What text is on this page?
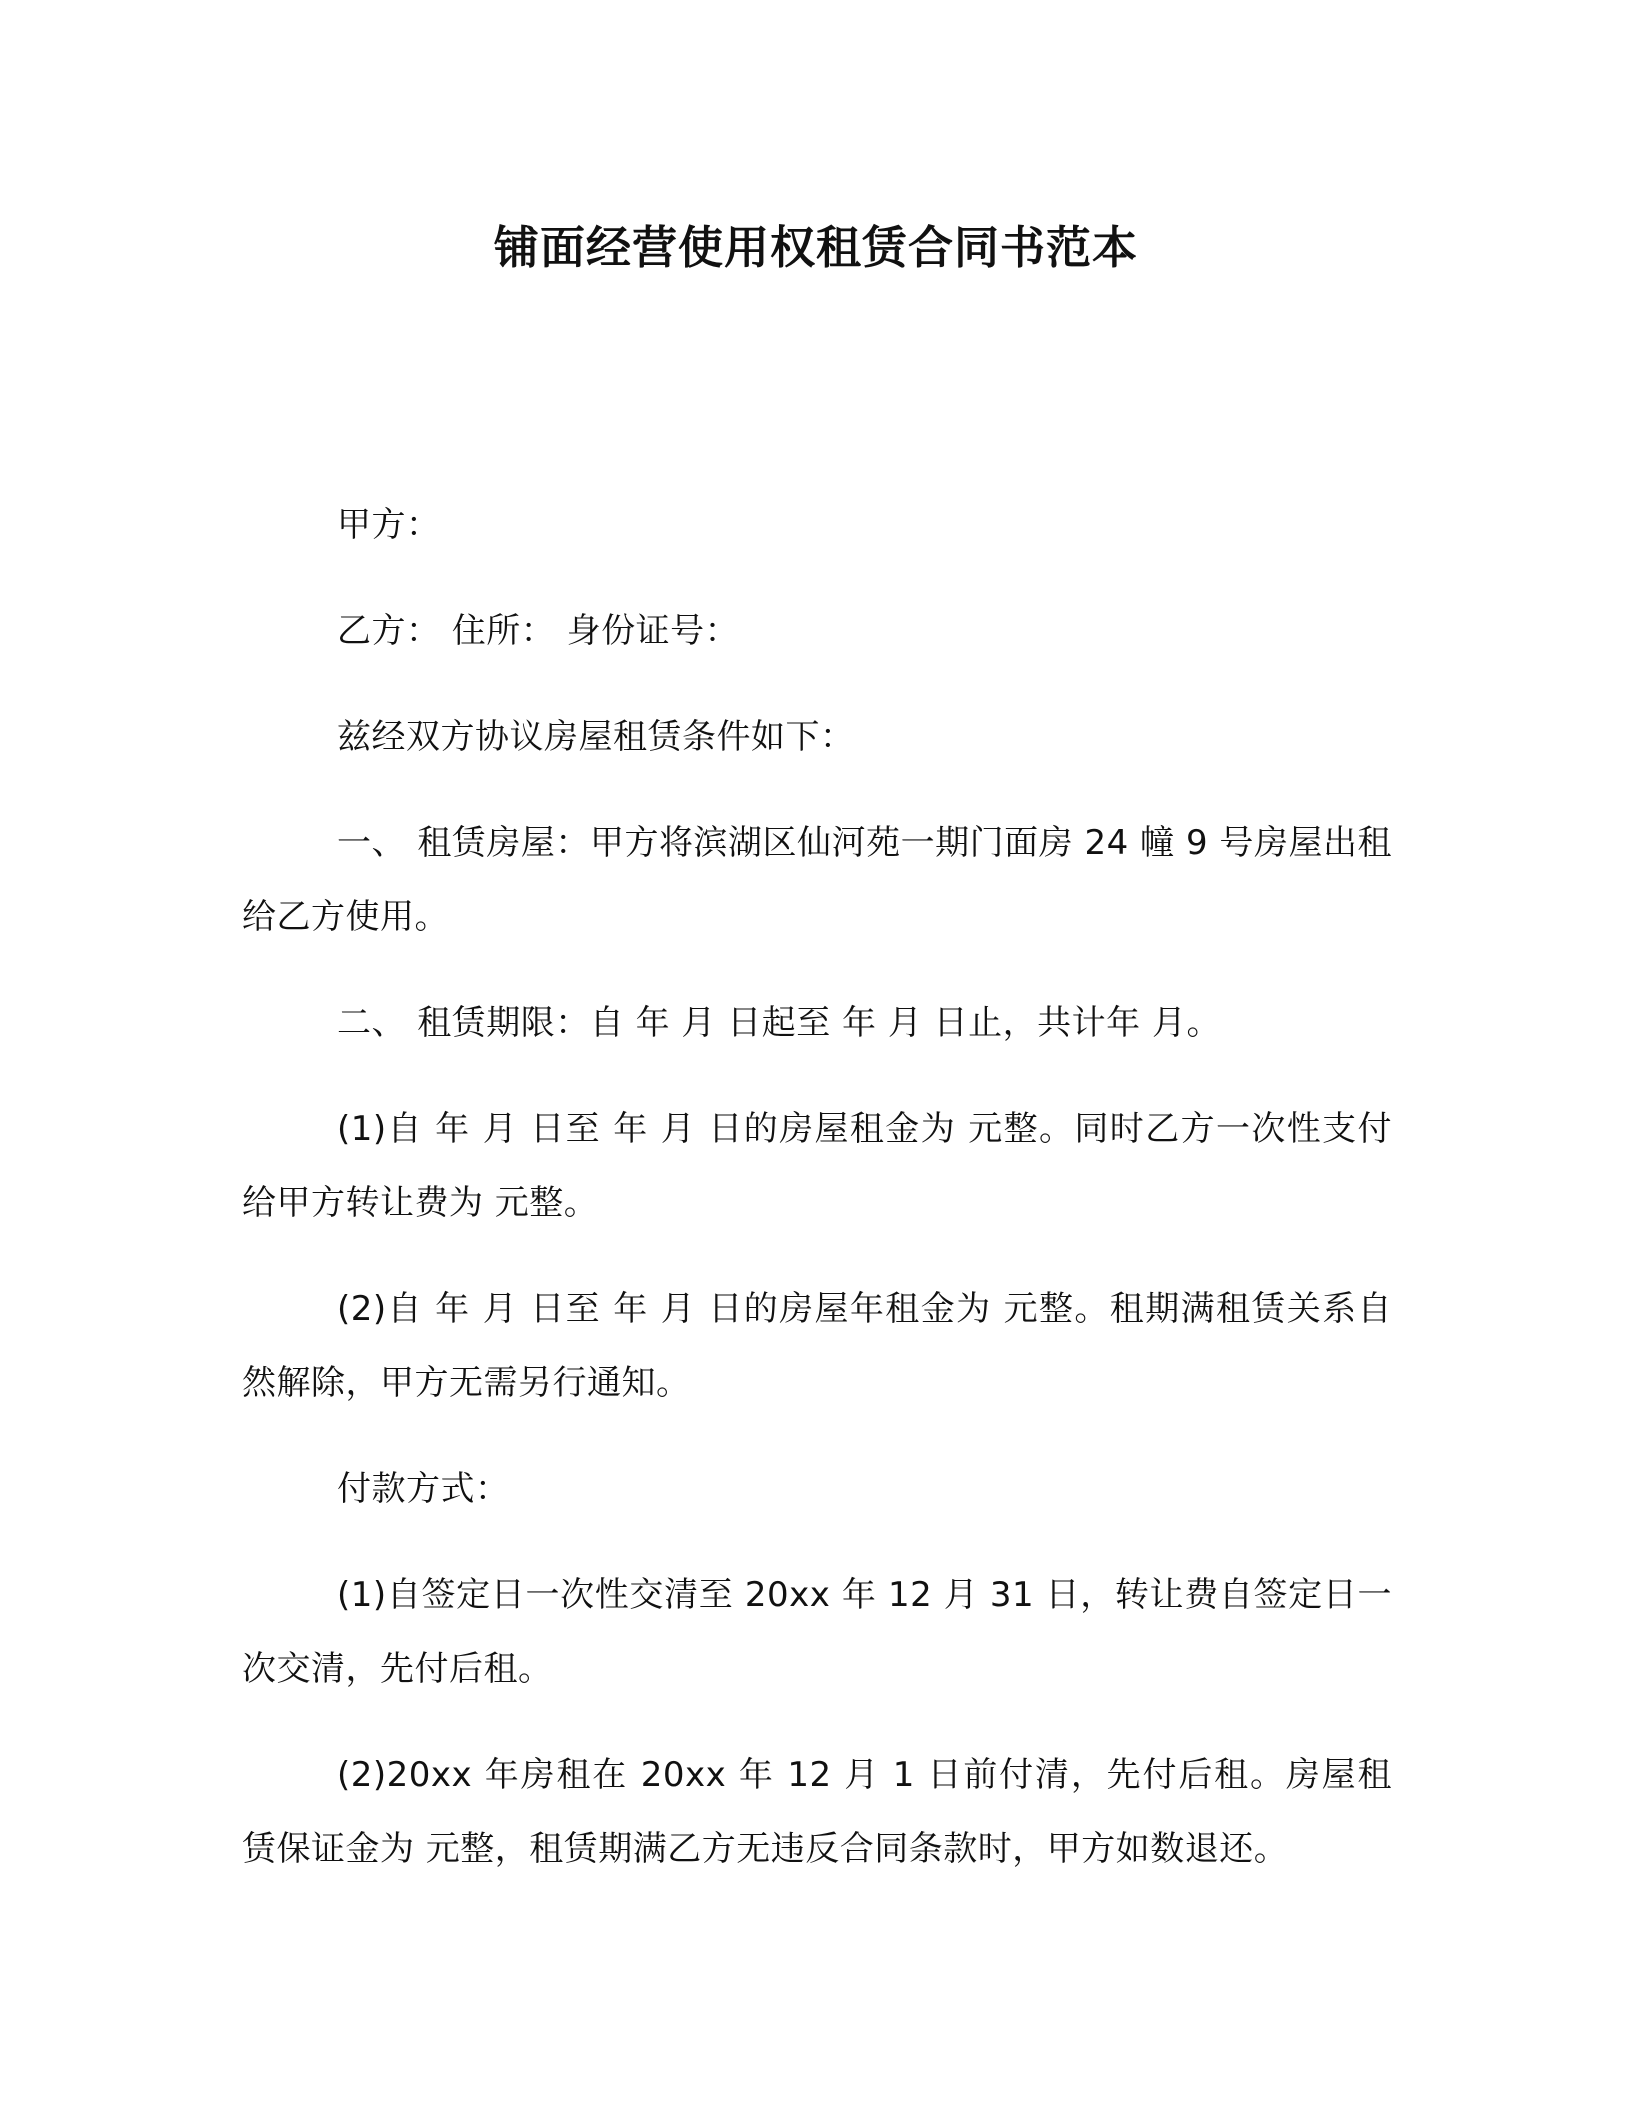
铺面经营使用权租赁合同书范本

甲方：

乙方： 住所： 身份证号：

兹经双方协议房屋租赁条件如下：

一、 租赁房屋：甲方将滨湖区仙河苑一期门面房 24 幢 9 号房屋出租给乙方使用。

二、 租赁期限：自 年 月 日起至 年 月 日止，共计年 月。

(1)自 年 月 日至 年 月 日的房屋租金为 元整。同时乙方一次性支付给甲方转让费为 元整。

(2)自 年 月 日至 年 月 日的房屋年租金为 元整。租期满租赁关系自然解除，甲方无需另行通知。

付款方式：

(1)自签定日一次性交清至 20xx 年 12 月 31 日，转让费自签定日一次交清，先付后租。

(2)20xx 年房租在 20xx 年 12 月 1 日前付清，先付后租。房屋租赁保证金为 元整，租赁期满乙方无违反合同条款时，甲方如数退还。
